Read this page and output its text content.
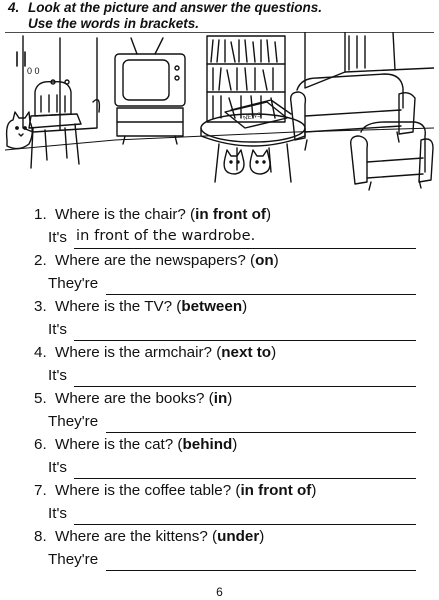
4. Look at the picture and answer the questions.
Use the words in brackets.
0 0
NEWS
1. Where is the chair? (in front of)
It's in front of the wardrobe.
2. Where are the newspapers? (on)
They're
3. Where is the TV? (between)
It's
4. Where is the armchair? (next to)
It's
5. Where are the books? (in)
They're
6. Where is the cat? (behind)
It's
7. Where is the coffee table? (in front of)
It's
8. Where are the kittens? (under)
They're
6
